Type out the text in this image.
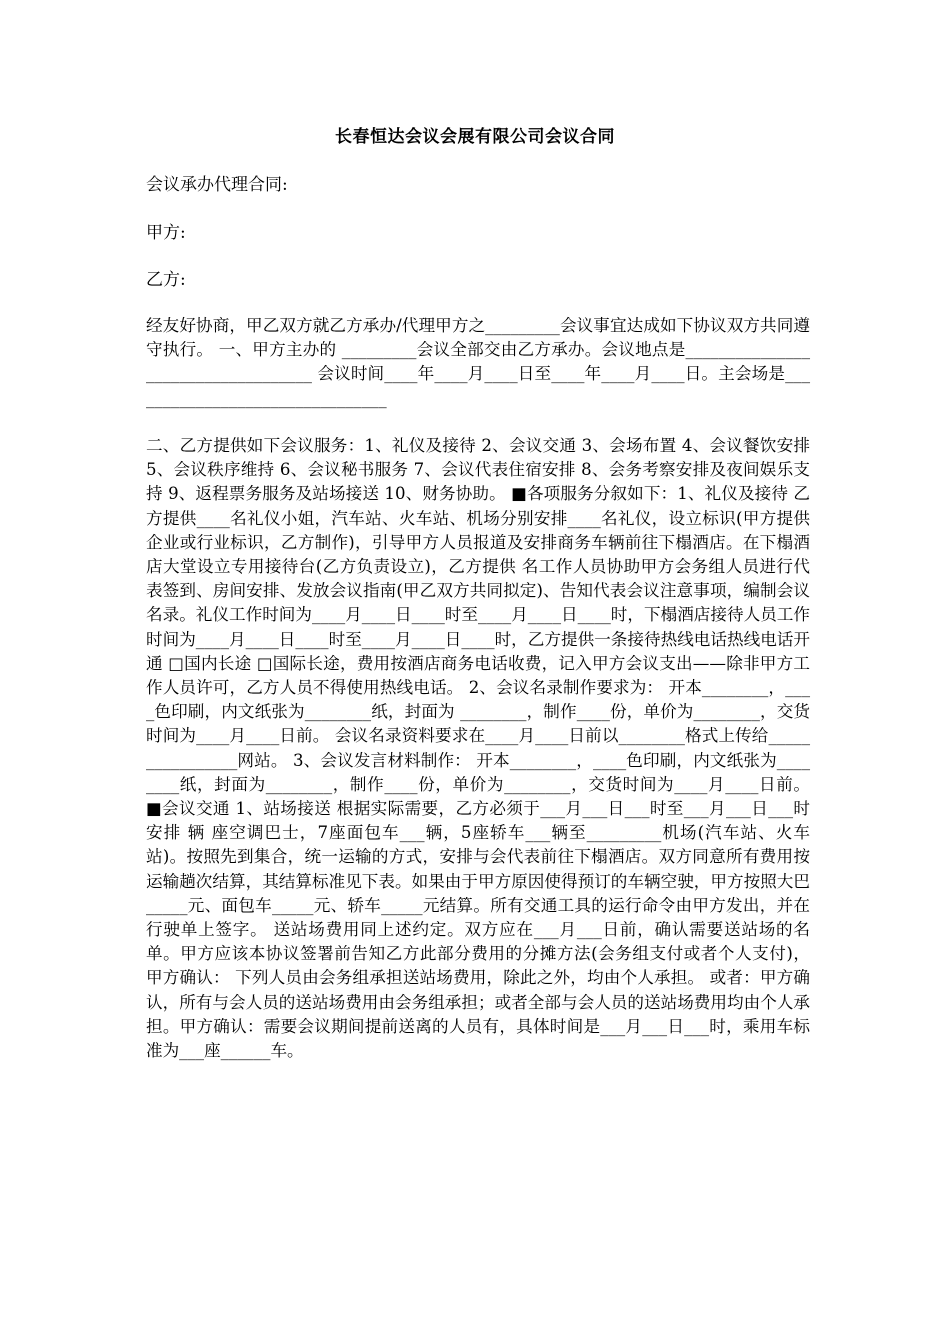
长春恒达会议会展有限公司会议合同
会议承办代理合同:
甲方:
乙方:
经友好协商，甲乙双方就乙方承办/代理甲方之_________会议事宜达成如下协议双方共同遵守执行。 一、甲方主办的 _________会议全部交由乙方承办。会议地点是___________________________________ 会议时间____年____月____日至____年____月____日。主会场是________________________________
二、乙方提供如下会议服务：1、礼仪及接待 2、会议交通 3、会场布置 4、会议餐饮安排 5、会议秩序维持 6、会议秘书服务 7、会议代表住宿安排 8、会务考察安排及夜间娱乐支持 9、返程票务服务及站场接送 10、财务协助。 ■各项服务分叙如下：1、礼仪及接待 乙方提供____名礼仪小姐，汽车站、火车站、机场分别安排____名礼仪，设立标识(甲方提供企业或行业标识，乙方制作)，引导甲方人员报道及安排商务车辆前往下榻酒店。在下榻酒店大堂设立专用接待台(乙方负责设立)，乙方提供 名工作人员协助甲方会务组人员进行代表签到、房间安排、发放会议指南(甲乙双方共同拟定)、告知代表会议注意事项，编制会议名录。礼仪工作时间为____月____日____时至____月____日____时，下榻酒店接待人员工作时间为____月____日____时至____月____日____时，乙方提供一条接待热线电话热线电话开通 □国内长途 □国际长途，费用按酒店商务电话收费，记入甲方会议支出——除非甲方工作人员许可，乙方人员不得使用热线电话。 2、会议名录制作要求为： 开本________，____色印刷，内文纸张为________纸，封面为 ________，制作____份，单价为________，交货时间为____月____日前。 会议名录资料要求在____月____日前以________格式上传给________________网站。 3、会议发言材料制作： 开本________，____色印刷，内文纸张为________纸，封面为________，制作____份，单价为________，交货时间为____月____日前。 ■会议交通 1、站场接送 根据实际需要，乙方必须于___月___日___时至___月___日___时安排 辆 座空调巴士，7座面包车___辆，5座轿车___辆至_________机场(汽车站、火车站)。按照先到集合，统一运输的方式，安排与会代表前往下榻酒店。双方同意所有费用按运输趟次结算，其结算标准见下表。如果由于甲方原因使得预订的车辆空驶，甲方按照大巴_____元、面包车_____元、轿车_____元结算。所有交通工具的运行命令由甲方发出，并在行驶单上签字。 送站场费用同上述约定。双方应在___月___日前，确认需要送站场的名单。甲方应该本协议签署前告知乙方此部分费用的分摊方法(会务组支付或者个人支付)， 甲方确认： 下列人员由会务组承担送站场费用，除此之外，均由个人承担。 或者：甲方确认，所有与会人员的送站场费用由会务组承担；或者全部与会人员的送站场费用均由个人承担。甲方确认：需要会议期间提前送离的人员有，具体时间是___月___日___时，乘用车标准为___座______车。
